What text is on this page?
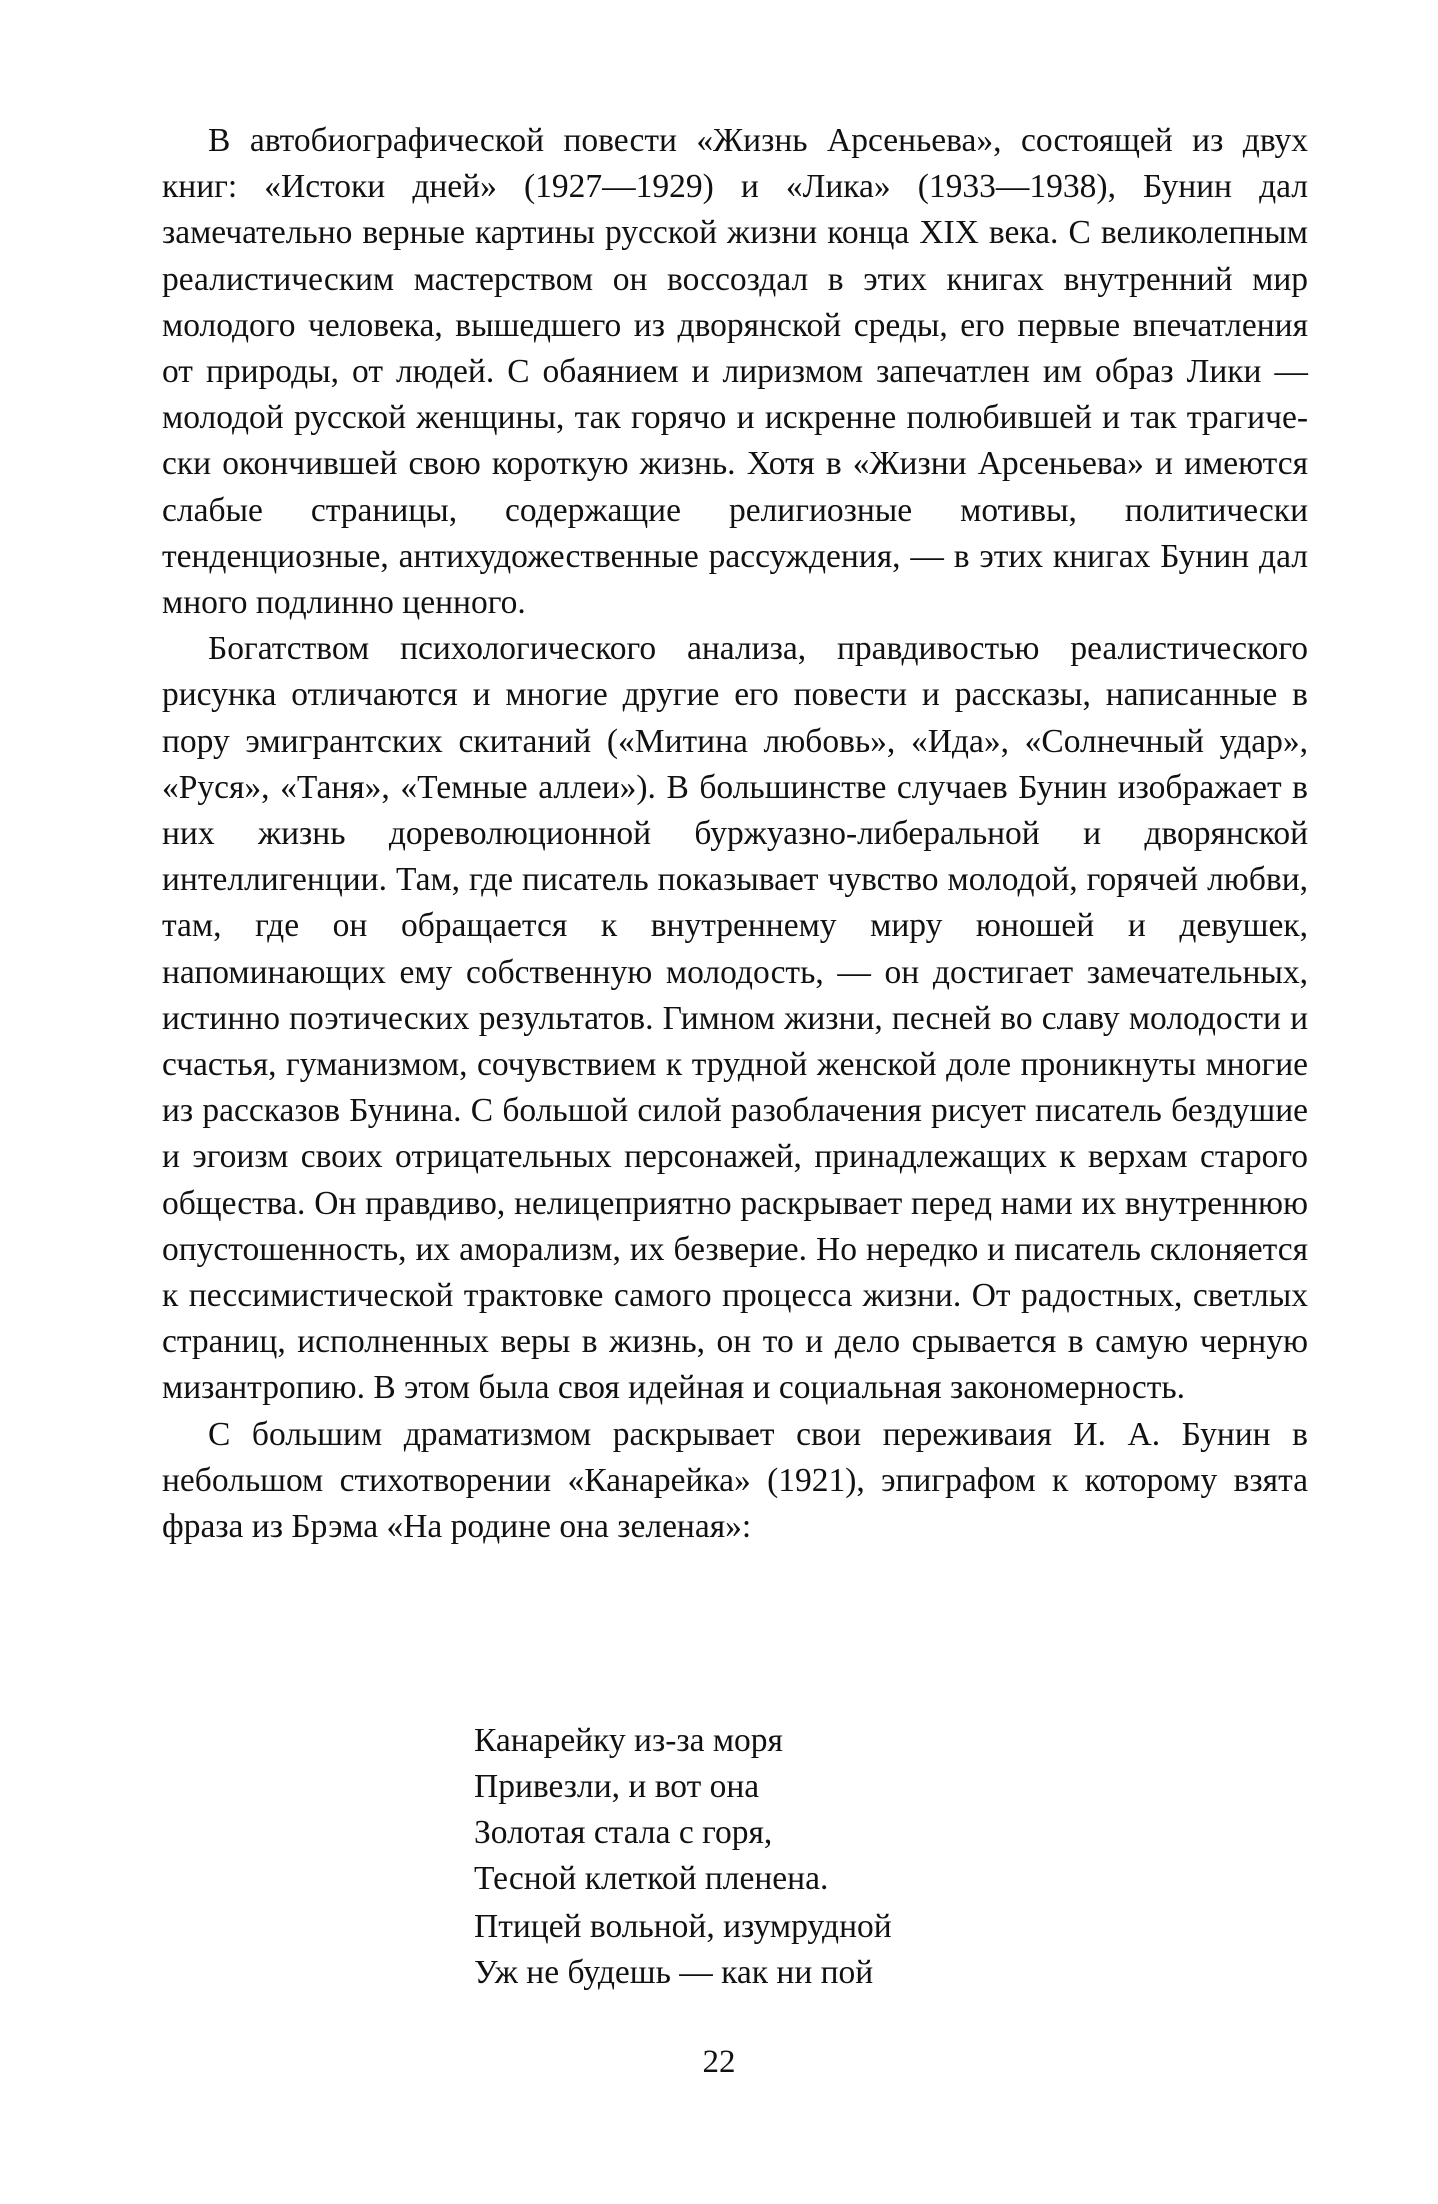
В автобиографической повести «Жизнь Арсеньева», состоящей из двух книг: «Истоки дней» (1927—1929) и «Лика» (1933—1938), Бунин дал замечательно верные картины русской жизни конца XIX века. С великолепным реалистическим мастерством он воссоздал в этих книгах внутренний мир молодого человека, вышедшего из дворянской среды, его первые впечатления от природы, от людей. С обаянием и лиризмом запечатлен им образ Лики — молодой русской женщины, так горячо и искренне полюбившей и так трагически окончившей свою короткую жизнь. Хотя в «Жизни Арсеньева» и имеются слабые страницы, содержащие религиозные мотивы, политически тенденциозные, антихудожественные рассуждения, — в этих книгах Бунин дал много подлинно ценного.

Богатством психологического анализа, правдивостью реалистического рисунка отличаются и многие другие его повести и рассказы, написанные в пору эмигрантских скитаний («Митина любовь», «Ида», «Солнечный удар», «Руся», «Таня», «Темные аллеи»). В большинстве случаев Бунин изображает в них жизнь дореволюционной буржуазно-либеральной и дворянской интеллигенции. Там, где писатель показывает чувство молодой, горячей любви, там, где он обращается к внутреннему миру юношей и девушек, напоминающих ему собственную молодость, — он достигает замечательных, истинно поэтических результатов. Гимном жизни, песней во славу молодости и счастья, гуманизмом, сочувствием к трудной женской доле проникнуты многие из рассказов Бунина. С большой силой разоблачения рисует писатель бездушие и эгоизм своих отрицательных персонажей, принадлежащих к верхам старого общества. Он правдиво, нелицеприятно раскрывает перед нами их внутреннюю опустошенность, их аморализм, их безверие. Но нередко и писатель склоняется к пессимистической трактовке самого процесса жизни. От радостных, светлых страниц, исполненных веры в жизнь, он то и дело срывается в самую черную мизантропию. В этом была своя идейная и социальная закономерность.

С большим драматизмом раскрывает свои переживаия И. А. Бунин в небольшом стихотворении «Канарейка» (1921), эпиграфом к которому взята фраза из Брэма «На родине она зеленая»:

Канарейку из-за моря
Привезли, и вот она
Золотая стала с горя,
Тесной клеткой пленена.
Птицей вольной, изумрудной
Уж не будешь — как ни пой
22
